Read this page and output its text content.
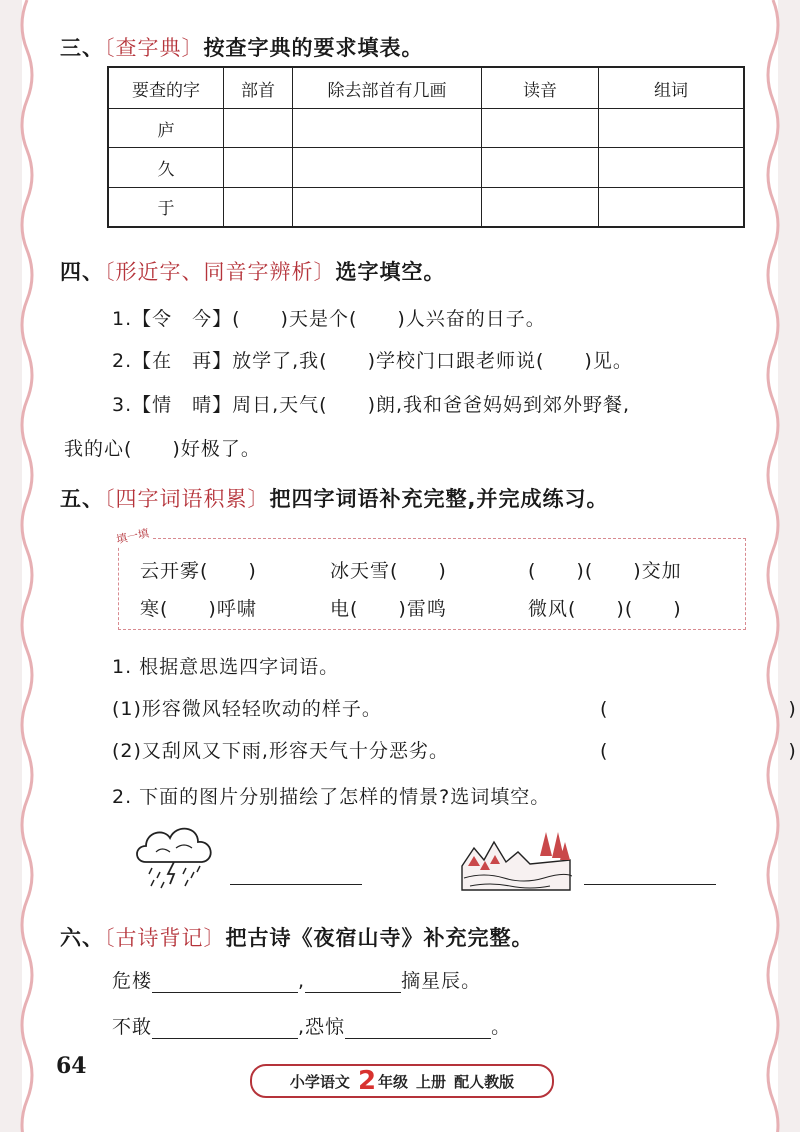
三、〔查字典〕按查字典的要求填表。
要查的字	部首	除去部首有几画	读音	组词
庐				
久				
于				
四、〔形近字、同音字辨析〕选字填空。
1.【令　今】(　　)天是个(　　)人兴奋的日子。
2.【在　再】放学了,我(　　)学校门口跟老师说(　　)见。
3.【情　晴】周日,天气(　　)朗,我和爸爸妈妈到郊外野餐,
我的心(　　)好极了。
五、〔四字词语积累〕把四字词语补充完整,并完成练习。
填一填
云开雾(　　)	冰天雪(　　)	(　　)(　　)交加
寒(　　)呼啸	电(　　)雷鸣	微风(　　)(　　)
1. 根据意思选四字词语。
(1)形容微风轻轻吹动的样子。	(　　　　　　　　　)
(2)又刮风又下雨,形容天气十分恶劣。	(　　　　　　　　　)
2. 下面的图片分别描绘了怎样的情景?选词填空。
六、〔古诗背记〕把古诗《夜宿山寺》补充完整。
危楼	,	摘星辰。
不敢	,恐惊	。
64
小学语文 2 年级 上册 配人教版
